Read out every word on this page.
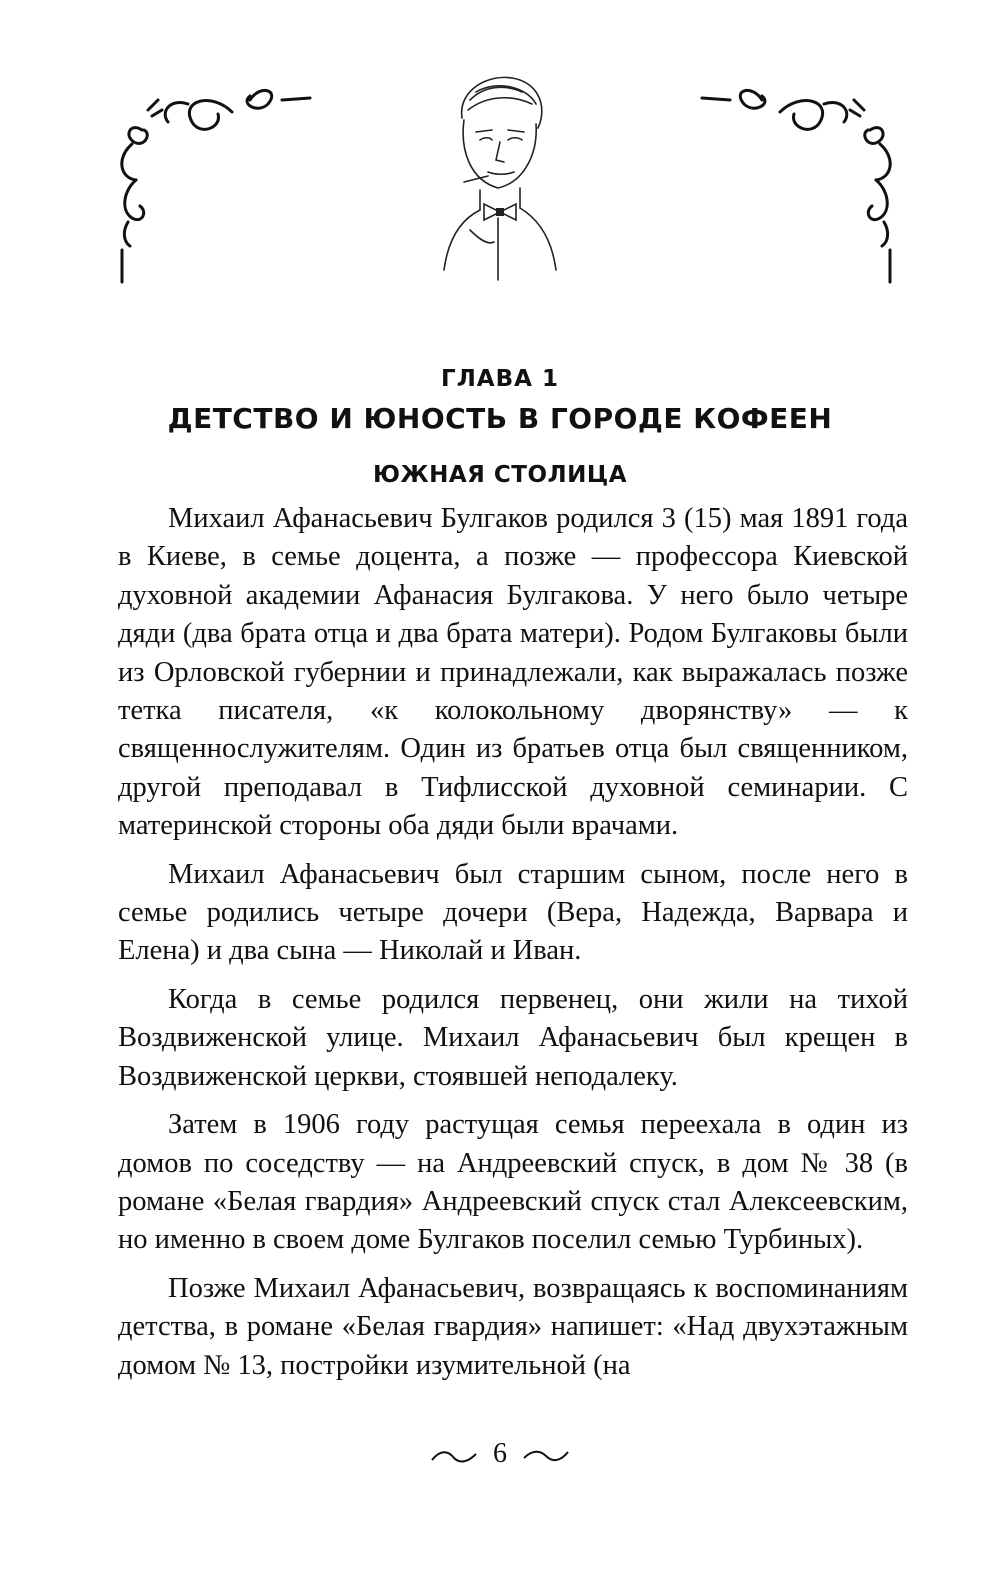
ГЛАВА 1
ДЕТСТВО И ЮНОСТЬ В ГОРОДЕ КОФЕЕН
ЮЖНАЯ СТОЛИЦА

Михаил Афанасьевич Булгаков родился 3 (15) мая 1891 года в Киеве, в семье доцента, а позже — профессора Киевской духовной академии Афанасия Булгакова. У него было четыре дяди (два брата отца и два брата матери). Родом Булгаковы были из Орловской губернии и принадлежали, как выражалась позже тетка писателя, «к колокольному дворянству» — к священнослужителям. Один из братьев отца был священником, другой преподавал в Тифлисской духовной семинарии. С материнской стороны оба дяди были врачами.

Михаил Афанасьевич был старшим сыном, после него в семье родились четыре дочери (Вера, Надежда, Варвара и Елена) и два сына — Николай и Иван.

Когда в семье родился первенец, они жили на тихой Воздвиженской улице. Михаил Афанасьевич был крещен в Воздвиженской церкви, стоявшей неподалеку.

Затем в 1906 году растущая семья переехала в один из домов по соседству — на Андреевский спуск, в дом № 38 (в романе «Белая гвардия» Андреевский спуск стал Алексеевским, но именно в своем доме Булгаков поселил семью Турбиных).

Позже Михаил Афанасьевич, возвращаясь к воспоминаниям детства, в романе «Белая гвардия» напишет: «Над двухэтажным домом № 13, постройки изумительной (на

6
